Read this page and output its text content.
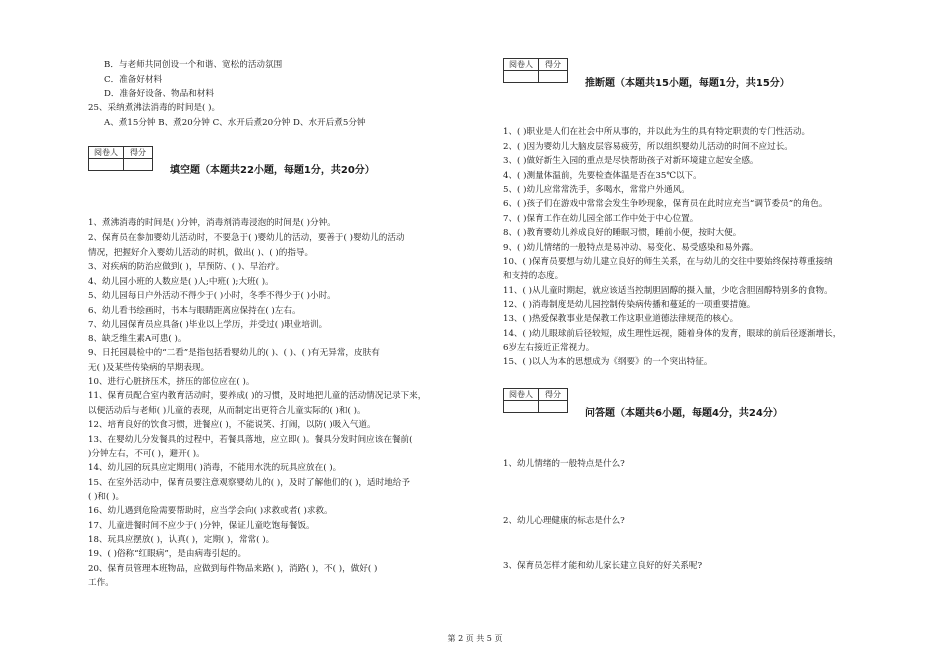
B．与老师共同创设一个和谐、宽松的活动氛围
C．准备好材料
D．准备好设备、物品和材料
25、采纳煮沸法消毒的时间是( )。
A、煮15分钟 B、煮20分钟 C、水开后煮20分钟 D、水开后煮5分钟
阅卷人	得分

填空题（本题共22小题，每题1分，共20分）
1、煮沸消毒的时间是( )分钟，消毒剂消毒浸泡的时间是( )分钟。
2、保育员在参加婴幼儿活动时，不要急于( )婴幼儿的活动，要善于( )婴幼儿的活动
情况，把握好介入婴幼儿活动的时机，做出( )、( )的指导。
3、对疾病的防治应做到( )，早预防、( )、早治疗。
4、幼儿园小班的人数应是( )人;中班( );大班( )。
5、幼儿园每日户外活动不得少于( )小时，冬季不得少于( )小时。
6、幼儿看书绘画时，书本与眼睛距离应保持在( )左右。
7、幼儿园保育员应具备( )毕业以上学历，并受过( )职业培训。
8、缺乏维生素A可患( )。
9、日托园晨检中的“二看”是指包括看婴幼儿的( )、( )、( )有无异常，皮肤有
无( )及某些传染病的早期表现。
10、进行心脏挤压术，挤压的部位应在( )。
11、保育员配合室内教育活动时，要养成( )的习惯，及时地把儿童的活动情况记录下来，
以便活动后与老师( )儿童的表现，从而制定出更符合儿童实际的( )和( )。
12、培育良好的饮食习惯，进餐应( )，不能说笑、打闹，以防( )吸入气道。
13、在婴幼儿分发餐具的过程中，若餐具落地，应立即( )。餐具分发时间应该在餐前(
)分钟左右，不可( )，避开( )。
14、幼儿园的玩具应定期用( )消毒，不能用水洗的玩具应放在( )。
15、在室外活动中，保育员要注意观察婴幼儿的( )，及时了解他们的( )，适时地给予
( )和( )。
16、幼儿遇到危险需要帮助时，应当学会向( )求救或者( )求救。
17、儿童进餐时间不应少于( )分钟，保证儿童吃饱每餐饭。
18、玩具应摆放( )，认真( )，定期( )，常常( )。
19、( )俗称“红眼病”，是由病毒引起的。
20、保育员管理本班物品，应做到每件物品来路( )，消路( )，不( )，做好( )
工作。
阅卷人	得分

推断题（本题共15小题，每题1分，共15分）
1、( )职业是人们在社会中所从事的，并以此为生的具有特定职责的专门性活动。
2、( )因为婴幼儿大脑皮层容易疲劳，所以组织婴幼儿活动的时间不应过长。
3、( )做好新生入园的重点是尽快帮助孩子对新环境建立起安全感。
4、( )测量体温前，先要检查体温是否在35℃以下。
5、( )幼儿应常常洗手，多喝水，常常户外通风。
6、( )孩子们在游戏中常常会发生争吵现象，保育员在此时应充当“调节委员”的角色。
7、( )保育工作在幼儿园全部工作中处于中心位置。
8、( )教育婴幼儿养成良好的睡眠习惯，睡前小便，按时大便。
9、( )幼儿情绪的一般特点是易冲动、易变化、易受感染和易外露。
10、( )保育员要想与幼儿建立良好的师生关系，在与幼儿的交往中要始终保持尊重接纳
和支持的态度。
11、( )从儿童时期起，就应该适当控制胆固醇的摄入量，少吃含胆固醇特别多的食物。
12、( )消毒制度是幼儿园控制传染病传播和蔓延的一项重要措施。
13、( )热爱保教事业是保教工作这职业道德法律规范的核心。
14、( )幼儿眼球前后径较短，成生理性远视，随着身体的发育，眼球的前后径逐渐增长，
6岁左右接近正常视力。
15、( )以人为本的思想成为《纲要》的一个突出特征。
阅卷人	得分

问答题（本题共6小题，每题4分，共24分）
1、幼儿情绪的一般特点是什么?
2、幼儿心理健康的标志是什么?
3、保育员怎样才能和幼儿家长建立良好的好关系呢?
第 2 页 共 5 页
